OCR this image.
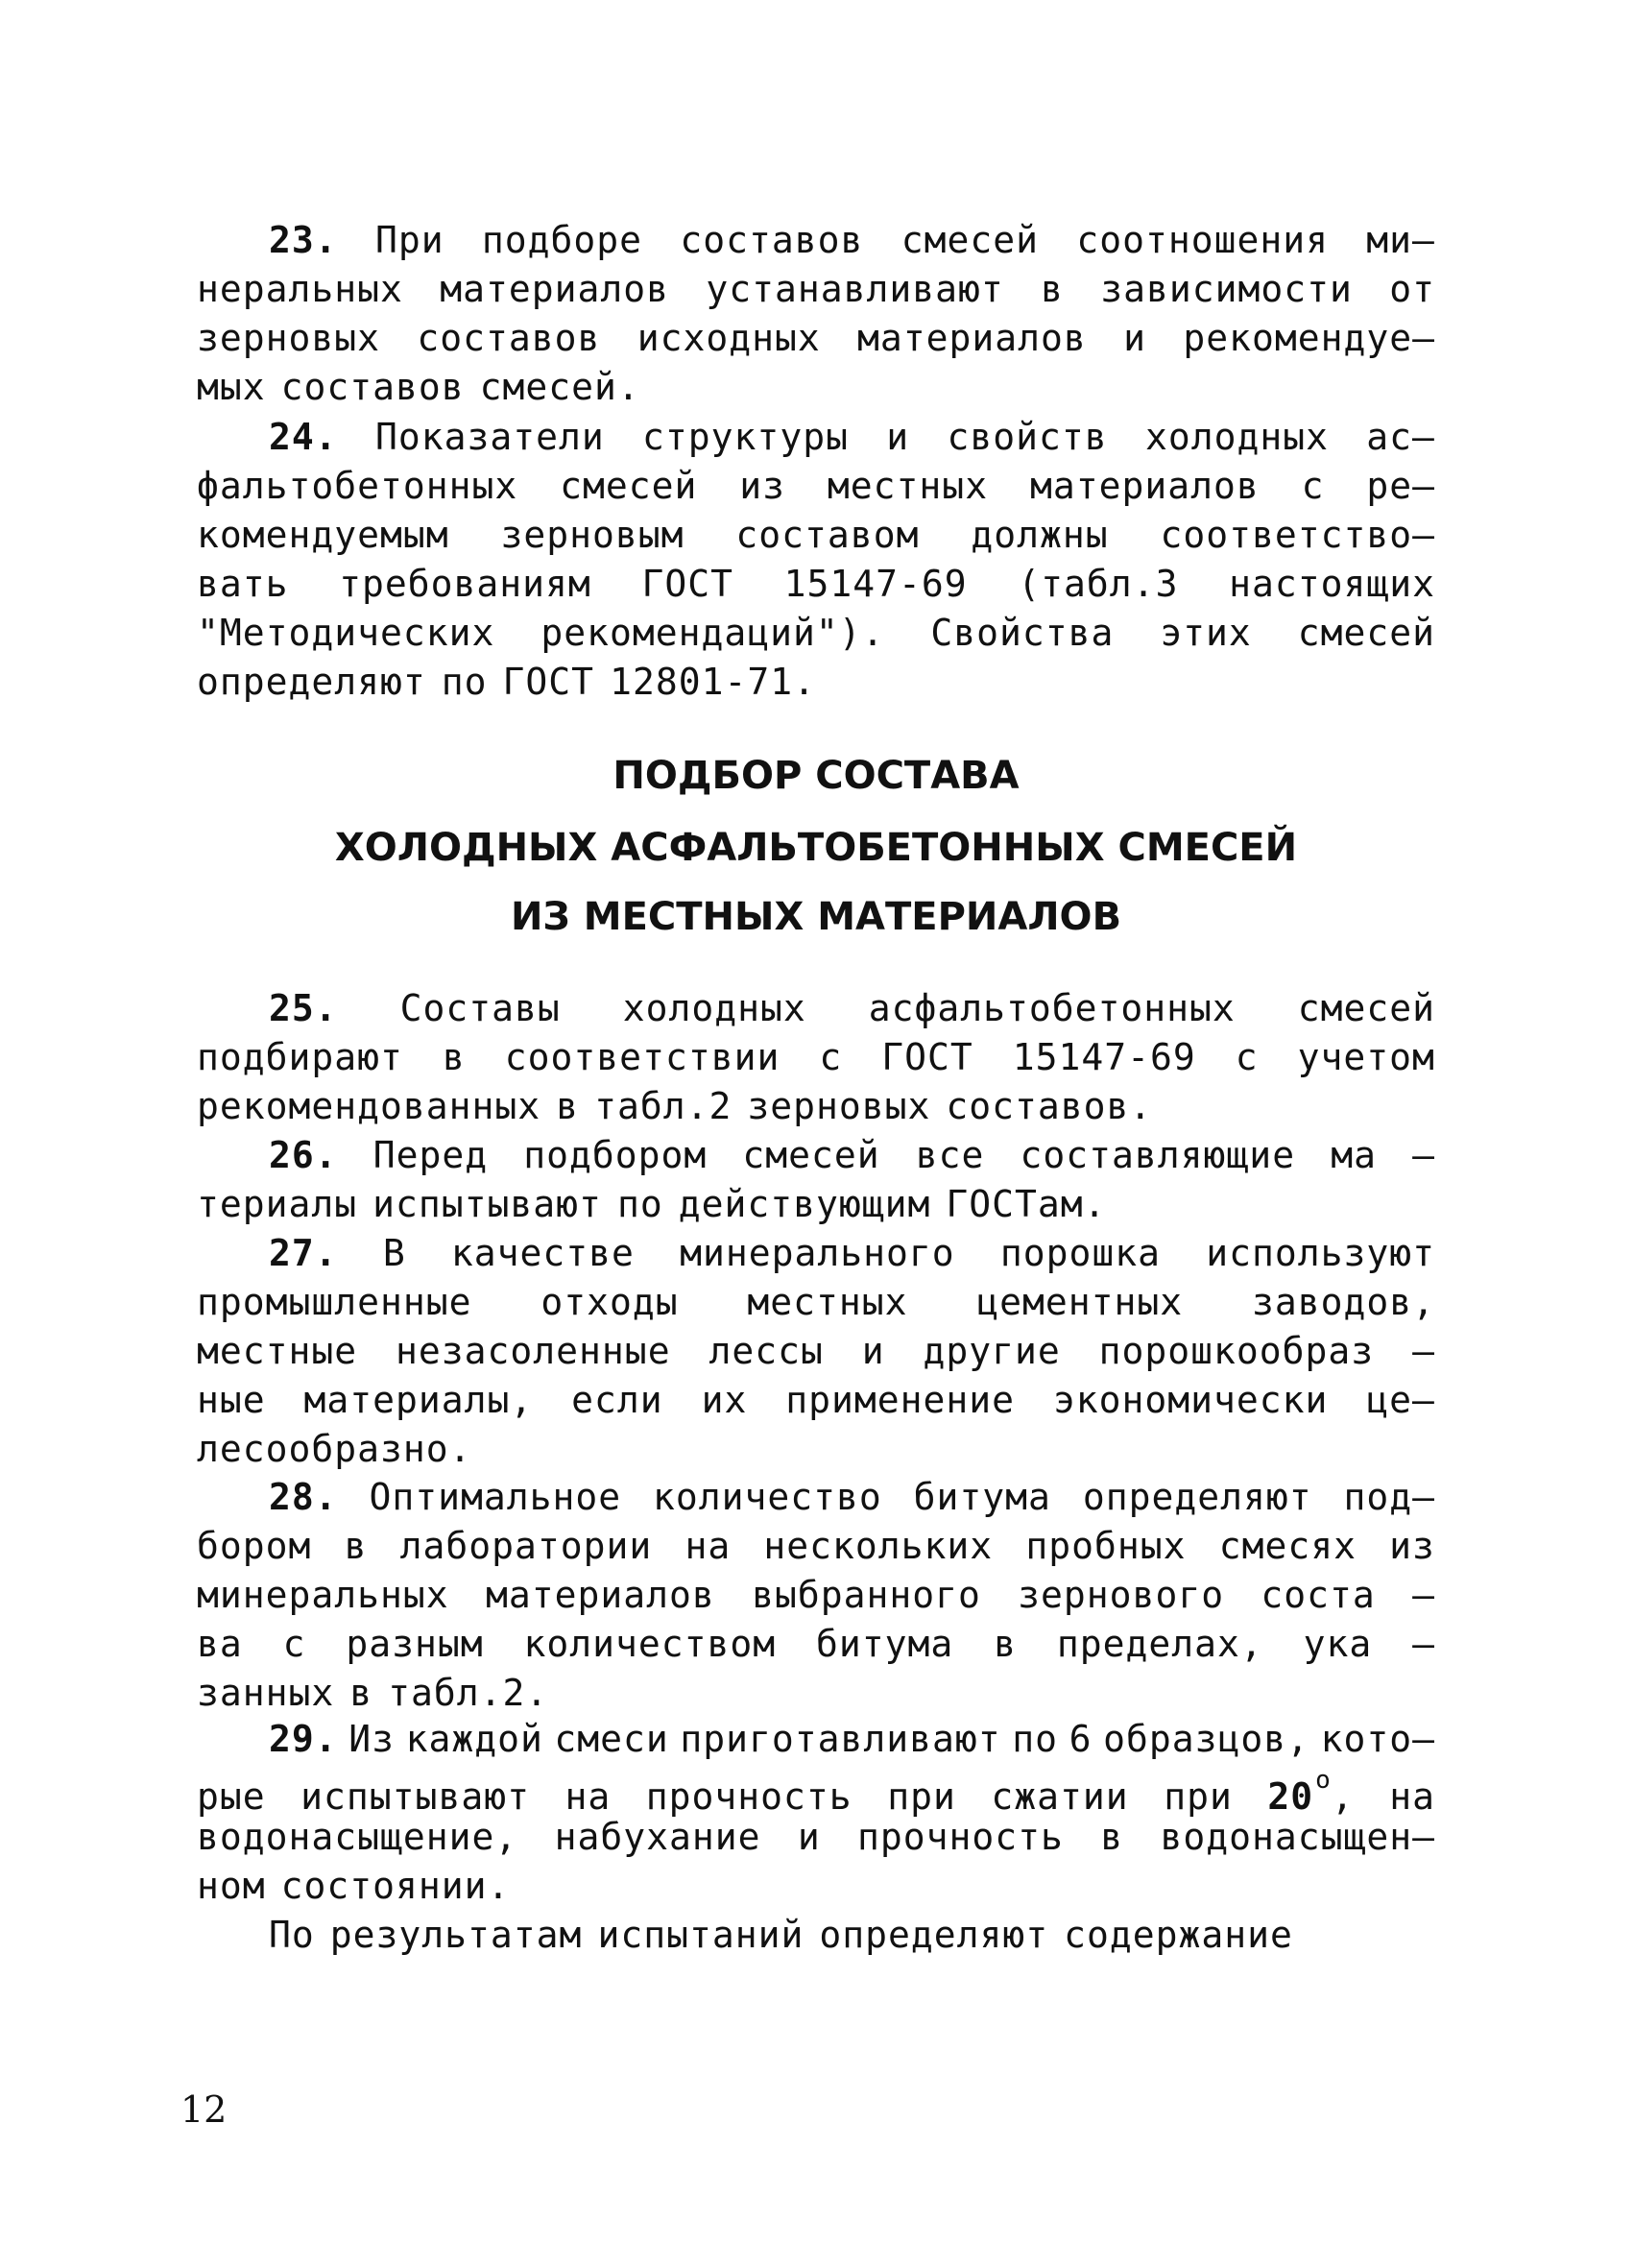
23. При подборе составов смесей соотношения ми–
неральных материалов устанавливают в зависимости от
зерновых составов исходных материалов и рекомендуе–
мых составов смесей.
24. Показатели структуры и свойств холодных ас–
фальтобетонных смесей из местных материалов с ре–
комендуемым зерновым составом должны соответство–
вать требованиям ГОСТ 15147-69 (табл.3 настоящих
"Методических рекомендаций"). Свойства этих смесей
определяют по ГОСТ 12801-71.
ПОДБОР СОСТАВА
ХОЛОДНЫХ АСФАЛЬТОБЕТОННЫХ СМЕСЕЙ
ИЗ МЕСТНЫХ МАТЕРИАЛОВ
25. Составы холодных асфальтобетонных смесей
подбирают в соответствии с ГОСТ 15147-69 с учетом
рекомендованных в табл.2 зерновых составов.
26. Перед подбором смесей все составляющие ма –
териалы испытывают по действующим ГОСТам.
27. В качестве минерального порошка используют
промышленные отходы местных цементных заводов,
местные незасоленные лессы и другие порошкообраз –
ные материалы, если их применение экономически це–
лесообразно.
28. Оптимальное количество битума определяют под–
бором в лаборатории на нескольких пробных смесях из
минеральных материалов выбранного зернового соста –
ва с разным количеством битума в пределах, ука –
занных в табл.2.
29. Из каждой смеси приготавливают по 6 образцов, кото–
рые испытывают на прочность при сжатии при $20^о$, на
водонасыщение, набухание и прочность в водонасыщен–
ном состоянии.
По результатам испытаний определяют содержание
12
